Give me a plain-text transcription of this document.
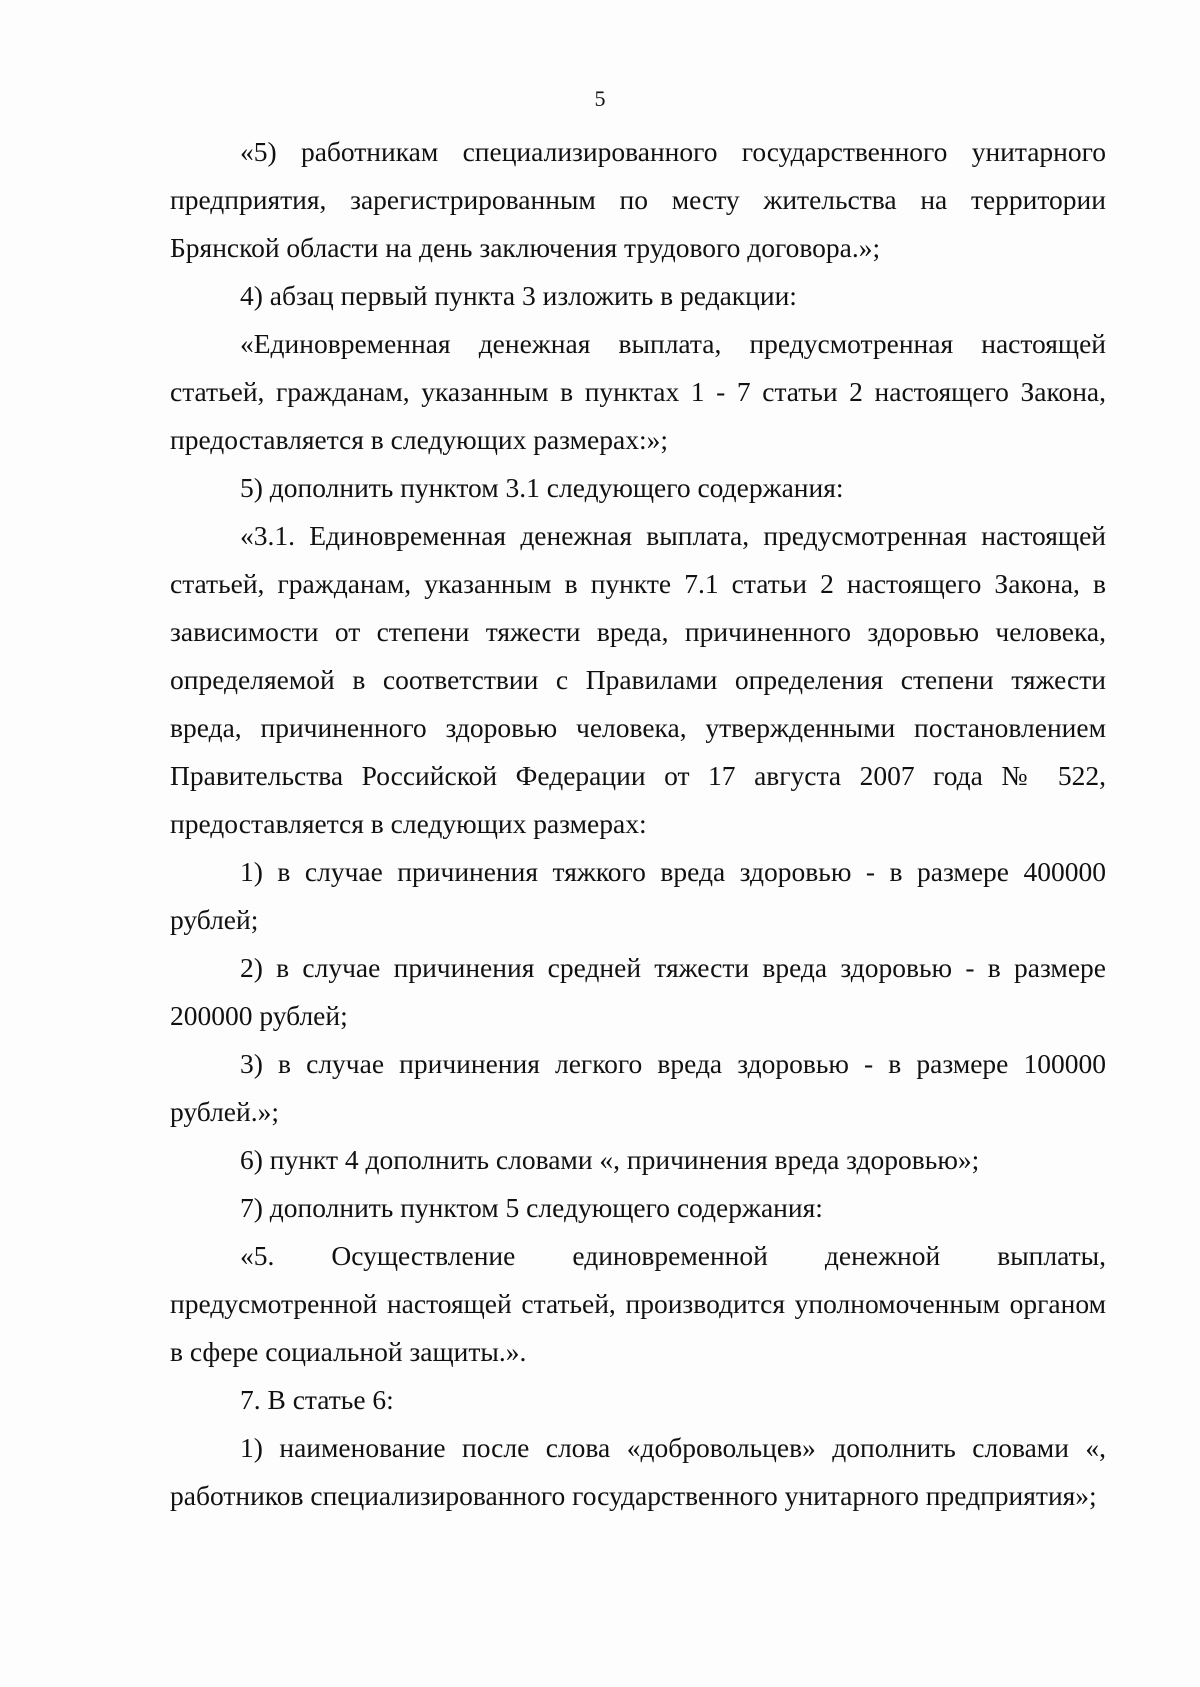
5

«5) работникам специализированного государственного унитарного предприятия, зарегистрированным по месту жительства на территории Брянской области на день заключения трудового договора.»;

4) абзац первый пункта 3 изложить в редакции:

«Единовременная денежная выплата, предусмотренная настоящей статьей, гражданам, указанным в пунктах 1 - 7 статьи 2 настоящего Закона, предоставляется в следующих размерах:»;

5) дополнить пунктом 3.1 следующего содержания:

«3.1. Единовременная денежная выплата, предусмотренная настоящей статьей, гражданам, указанным в пункте 7.1 статьи 2 настоящего Закона, в зависимости от степени тяжести вреда, причиненного здоровью человека, определяемой в соответствии с Правилами определения степени тяжести вреда, причиненного здоровью человека, утвержденными постановлением Правительства Российской Федерации от 17 августа 2007 года № 522, предоставляется в следующих размерах:

1) в случае причинения тяжкого вреда здоровью - в размере 400000 рублей;

2) в случае причинения средней тяжести вреда здоровью - в размере 200000 рублей;

3) в случае причинения легкого вреда здоровью - в размере 100000 рублей.»;

6) пункт 4 дополнить словами «, причинения вреда здоровью»;

7) дополнить пунктом 5 следующего содержания:

«5. Осуществление единовременной денежной выплаты, предусмотренной настоящей статьей, производится уполномоченным органом в сфере социальной защиты.».

7. В статье 6:

1) наименование после слова «добровольцев» дополнить словами «, работников специализированного государственного унитарного предприятия»;
